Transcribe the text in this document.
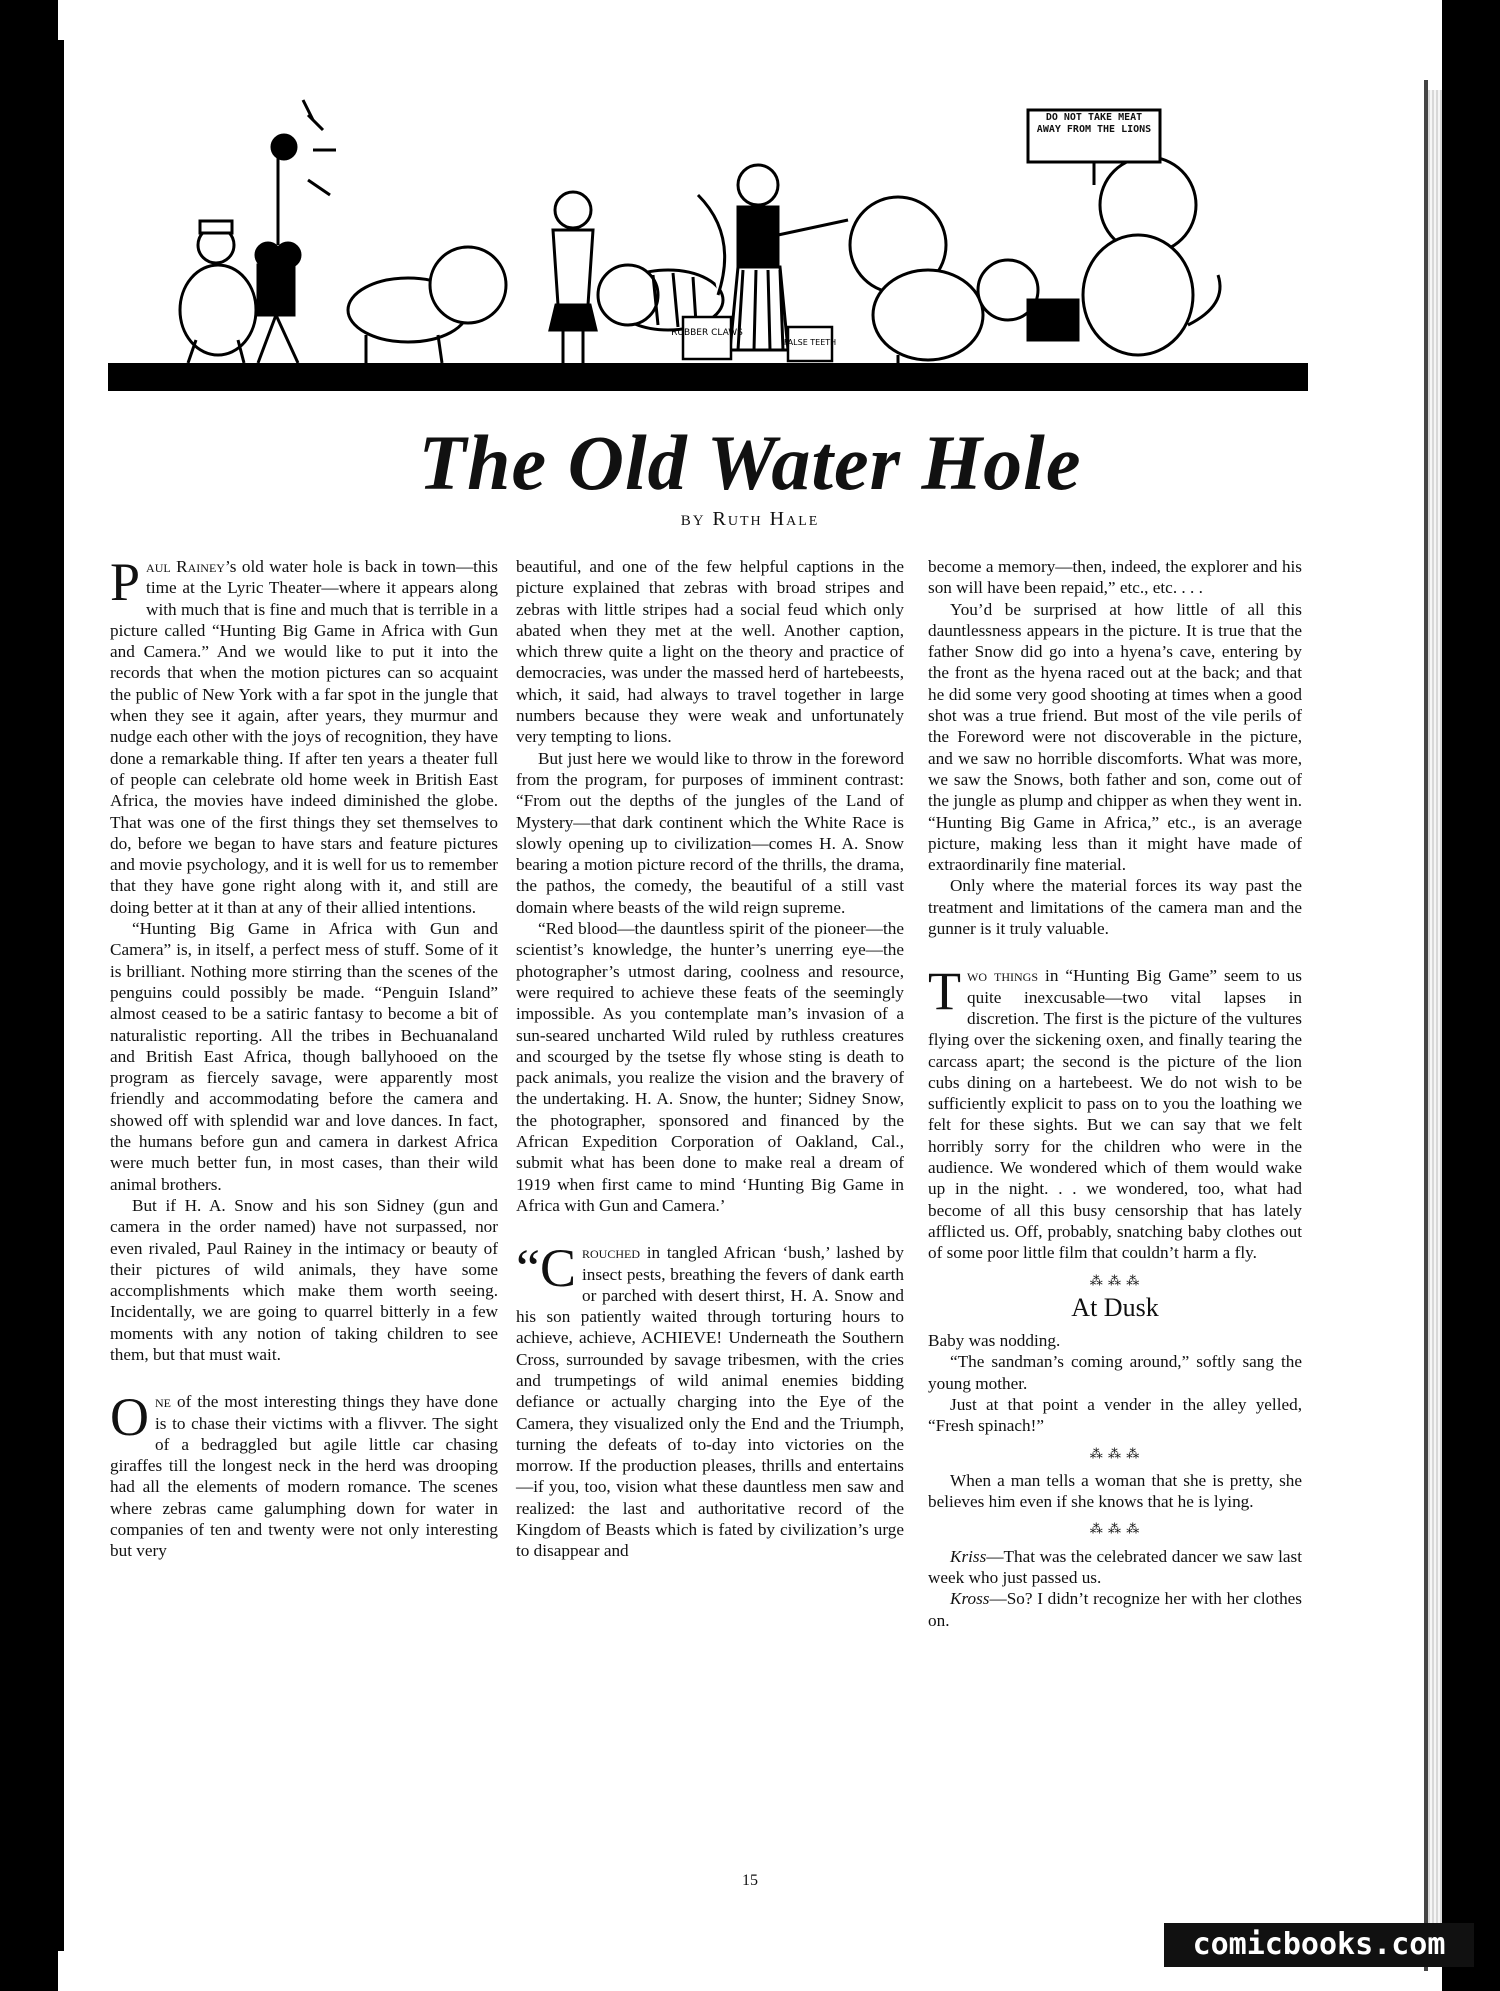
RUBBER CLAWS
FALSE TEETH
DO NOT TAKE MEAT AWAY FROM THE LIONS
The Old Water Hole
BY Ruth Hale

Paul Rainey’s old water hole is back in town—this time at the Lyric Theater—where it appears along with much that is fine and much that is terrible in a picture called “Hunting Big Game in Africa with Gun and Camera.” And we would like to put it into the records that when the motion pictures can so acquaint the public of New York with a far spot in the jungle that when they see it again, after years, they murmur and nudge each other with the joys of recognition, they have done a remarkable thing. If after ten years a theater full of people can celebrate old home week in British East Africa, the movies have indeed diminished the globe. That was one of the first things they set themselves to do, before we began to have stars and feature pictures and movie psychology, and it is well for us to remember that they have gone right along with it, and still are doing better at it than at any of their allied intentions.

“Hunting Big Game in Africa with Gun and Camera” is, in itself, a perfect mess of stuff. Some of it is brilliant. Nothing more stirring than the scenes of the penguins could possibly be made. “Penguin Island” almost ceased to be a satiric fantasy to become a bit of naturalistic reporting. All the tribes in Bechuanaland and British East Africa, though ballyhooed on the program as fiercely savage, were apparently most friendly and accommodating before the camera and showed off with splendid war and love dances. In fact, the humans before gun and camera in darkest Africa were much better fun, in most cases, than their wild animal brothers.

But if H. A. Snow and his son Sidney (gun and camera in the order named) have not surpassed, nor even rivaled, Paul Rainey in the intimacy or beauty of their pictures of wild animals, they have some accomplishments which make them worth seeing. Incidentally, we are going to quarrel bitterly in a few moments with any notion of taking children to see them, but that must wait.

One of the most interesting things they have done is to chase their victims with a flivver. The sight of a bedraggled but agile little car chasing giraffes till the longest neck in the herd was drooping had all the elements of modern romance. The scenes where zebras came galumphing down for water in companies of ten and twenty were not only interesting but very

beautiful, and one of the few helpful captions in the picture explained that zebras with broad stripes and zebras with little stripes had a social feud which only abated when they met at the well. Another caption, which threw quite a light on the theory and practice of democracies, was under the massed herd of hartebeests, which, it said, had always to travel together in large numbers because they were weak and unfortunately very tempting to lions.

But just here we would like to throw in the foreword from the program, for purposes of imminent contrast: “From out the depths of the jungles of the Land of Mystery—that dark continent which the White Race is slowly opening up to civilization—comes H. A. Snow bearing a motion picture record of the thrills, the drama, the pathos, the comedy, the beautiful of a still vast domain where beasts of the wild reign supreme.

“Red blood—the dauntless spirit of the pioneer—the scientist’s knowledge, the hunter’s unerring eye—the photographer’s utmost daring, coolness and resource, were required to achieve these feats of the seemingly impossible. As you contemplate man’s invasion of a sun-seared uncharted Wild ruled by ruthless creatures and scourged by the tsetse fly whose sting is death to pack animals, you realize the vision and the bravery of the undertaking. H. A. Snow, the hunter; Sidney Snow, the photographer, sponsored and financed by the African Expedition Corporation of Oakland, Cal., submit what has been done to make real a dream of 1919 when first came to mind ‘Hunting Big Game in Africa with Gun and Camera.’

“Crouched in tangled African ‘bush,’ lashed by insect pests, breathing the fevers of dank earth or parched with desert thirst, H. A. Snow and his son patiently waited through torturing hours to achieve, achieve, ACHIEVE! Underneath the Southern Cross, surrounded by savage tribesmen, with the cries and trumpetings of wild animal enemies bidding defiance or actually charging into the Eye of the Camera, they visualized only the End and the Triumph, turning the defeats of to-day into victories on the morrow. If the production pleases, thrills and entertains—if you, too, vision what these dauntless men saw and realized: the last and authoritative record of the Kingdom of Beasts which is fated by civilization’s urge to disappear and

become a memory—then, indeed, the explorer and his son will have been repaid,” etc., etc. . . .

You’d be surprised at how little of all this dauntlessness appears in the picture. It is true that the father Snow did go into a hyena’s cave, entering by the front as the hyena raced out at the back; and that he did some very good shooting at times when a good shot was a true friend. But most of the vile perils of the Foreword were not discoverable in the picture, and we saw no horrible discomforts. What was more, we saw the Snows, both father and son, come out of the jungle as plump and chipper as when they went in. “Hunting Big Game in Africa,” etc., is an average picture, making less than it might have made of extraordinarily fine material.

Only where the material forces its way past the treatment and limitations of the camera man and the gunner is it truly valuable.

Two things in “Hunting Big Game” seem to us quite inexcusable—two vital lapses in discretion. The first is the picture of the vultures flying over the sickening oxen, and finally tearing the carcass apart; the second is the picture of the lion cubs dining on a hartebeest. We do not wish to be sufficiently explicit to pass on to you the loathing we felt for these sights. But we can say that we felt horribly sorry for the children who were in the audience. We wondered which of them would wake up in the night. . . we wondered, too, what had become of all this busy censorship that has lately afflicted us. Off, probably, snatching baby clothes out of some poor little film that couldn’t harm a fly.

⁂ ⁂ ⁂
At Dusk

Baby was nodding.

“The sandman’s coming around,” softly sang the young mother.

Just at that point a vender in the alley yelled, “Fresh spinach!”

⁂ ⁂ ⁂

When a man tells a woman that she is pretty, she believes him even if she knows that he is lying.

⁂ ⁂ ⁂

Kriss—That was the celebrated dancer we saw last week who just passed us.

Kross—So? I didn’t recognize her with her clothes on.

15
comicbooks.com
